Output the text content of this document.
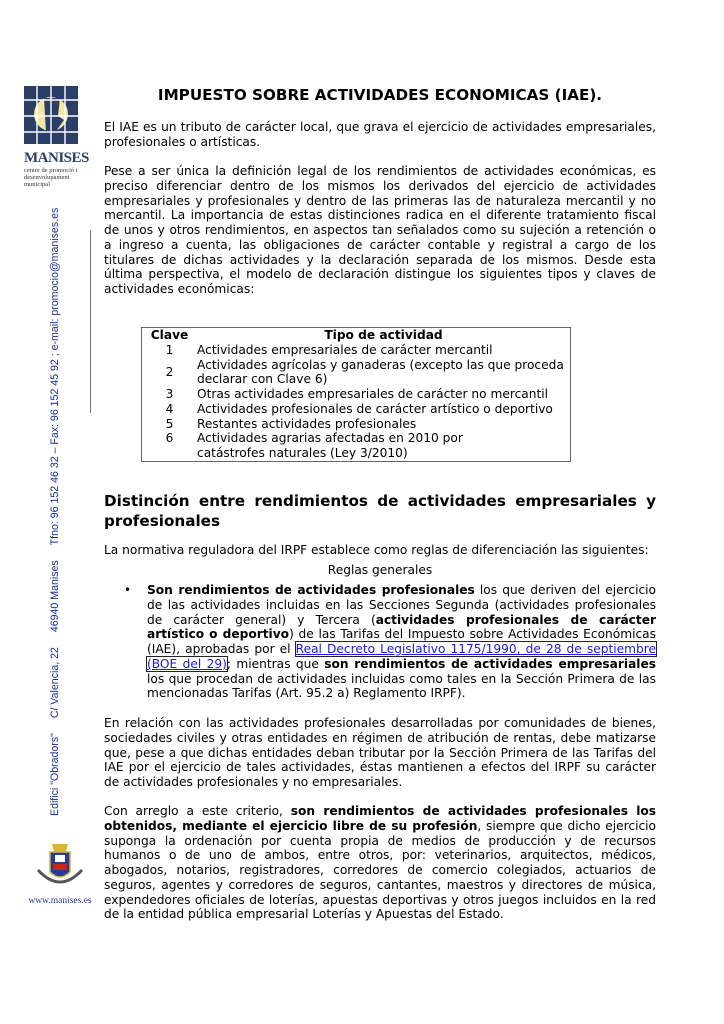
MANISES
centre de promoció i desenvolupament municipal
Edifici "Obradors" C/ Valencia, 22 46940 Manises Tfno: 96 152 46 32 – Fax: 96 152 45 92 ; e-mail: promocio@manises.es
www.manises.es
IMPUESTO SOBRE ACTIVIDADES ECONOMICAS (IAE).

El IAE es un tributo de carácter local, que grava el ejercicio de actividades empresariales, profesionales o artísticas.

Pese a ser única la definición legal de los rendimientos de actividades económicas, es preciso diferenciar dentro de los mismos los derivados del ejercicio de actividades empresariales y profesionales y dentro de las primeras las de naturaleza mercantil y no mercantil. La importancia de estas distinciones radica en el diferente tratamiento fiscal de unos y otros rendimientos, en aspectos tan señalados como su sujeción a retención o a ingreso a cuenta, las obligaciones de carácter contable y registral a cargo de los titulares de dichas actividades y la declaración separada de los mismos. Desde esta última perspectiva, el modelo de declaración distingue los siguientes tipos y claves de actividades económicas:

Clave	Tipo de actividad
1	Actividades empresariales de carácter mercantil
2	Actividades agrícolas y ganaderas (excepto las que proceda declarar con Clave 6)
3	Otras actividades empresariales de carácter no mercantil
4	Actividades profesionales de carácter artístico o deportivo
5	Restantes actividades profesionales
6	Actividades agrarias afectadas en 2010 por catástrofes naturales (Ley 3/2010)
Distinción entre rendimientos de actividades empresariales y profesionales

La normativa reguladora del IRPF establece como reglas de diferenciación las siguientes:

Reglas generales
• Son rendimientos de actividades profesionales los que deriven del ejercicio de las actividades incluidas en las Secciones Segunda (actividades profesionales de carácter general) y Tercera (actividades profesionales de carácter artístico o deportivo) de las Tarifas del Impuesto sobre Actividades Económicas (IAE), aprobadas por el Real Decreto Legislativo 1175/1990, de 28 de septiembre (BOE del 29); mientras que son rendimientos de actividades empresariales los que procedan de actividades incluidas como tales en la Sección Primera de las mencionadas Tarifas (Art. 95.2 a) Reglamento IRPF).

En relación con las actividades profesionales desarrolladas por comunidades de bienes, sociedades civiles y otras entidades en régimen de atribución de rentas, debe matizarse que, pese a que dichas entidades deban tributar por la Sección Primera de las Tarifas del IAE por el ejercicio de tales actividades, éstas mantienen a efectos del IRPF su carácter de actividades profesionales y no empresariales.

Con arreglo a este criterio, son rendimientos de actividades profesionales los obtenidos, mediante el ejercicio libre de su profesión, siempre que dicho ejercicio suponga la ordenación por cuenta propia de medios de producción y de recursos humanos o de uno de ambos, entre otros, por: veterinarios, arquitectos, médicos, abogados, notarios, registradores, corredores de comercio colegiados, actuarios de seguros, agentes y corredores de seguros, cantantes, maestros y directores de música, expendedores oficiales de loterías, apuestas deportivas y otros juegos incluidos en la red de la entidad pública empresarial Loterías y Apuestas del Estado.
